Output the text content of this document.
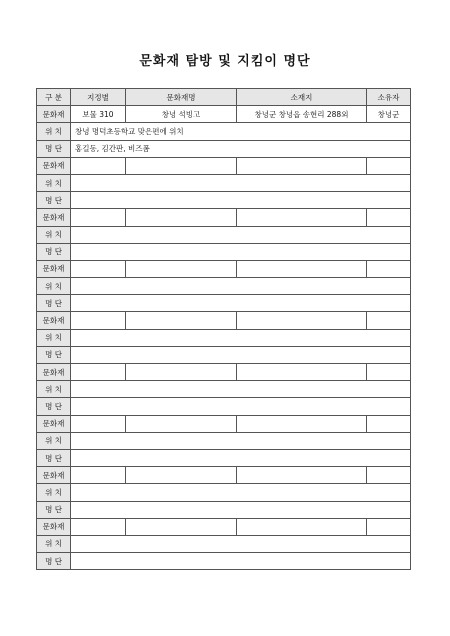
문화재 탐방 및 지킴이 명단
구 분	지정별	문화재명	소재지	소유자
문화재	보물 310	창녕 석빙고	창녕군 창녕읍 송현리 288외	창녕군
위 치	창녕 명덕초등학교 맞은편에 위치			
명 단	홍길동, 김간판, 비즈폼			
문화재				
위 치				
명 단				
문화재				
위 치				
명 단				
문화재				
위 치				
명 단				
문화재				
위 치				
명 단				
문화재				
위 치				
명 단				
문화재				
위 치				
명 단				
문화재				
위 치				
명 단				
문화재				
위 치				
명 단				
